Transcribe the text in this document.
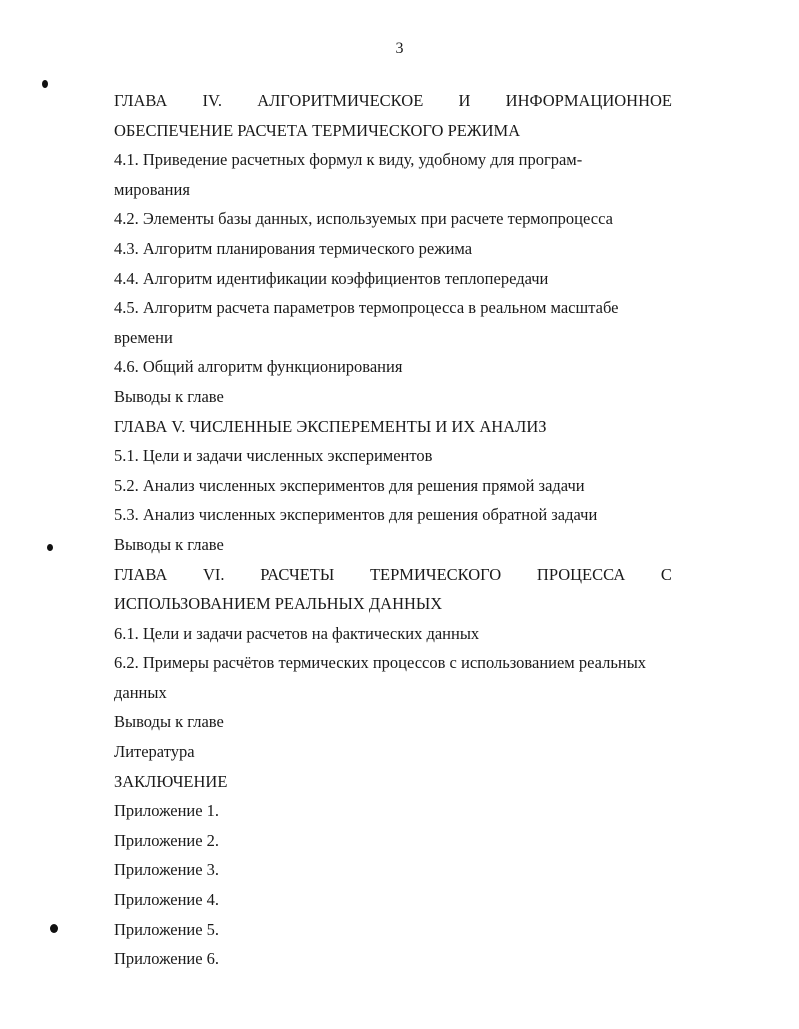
3
ГЛАВА IV. АЛГОРИТМИЧЕСКОЕ И ИНФОРМАЦИОННОЕ
ОБЕСПЕЧЕНИЕ РАСЧЕТА ТЕРМИЧЕСКОГО РЕЖИМА
4.1. Приведение расчетных формул к виду, удобному для програм-
мирования
4.2. Элементы базы данных, используемых при расчете термопроцесса
4.3. Алгоритм планирования термического режима
4.4. Алгоритм идентификации коэффициентов теплопередачи
4.5. Алгоритм расчета параметров термопроцесса в реальном масштабе
времени
4.6. Общий алгоритм функционирования
Выводы к главе
ГЛАВА V. ЧИСЛЕННЫЕ ЭКСПЕРЕМЕНТЫ И ИХ АНАЛИЗ
5.1. Цели и задачи численных экспериментов
5.2. Анализ численных экспериментов для решения прямой задачи
5.3. Анализ численных экспериментов для решения обратной задачи
Выводы к главе
ГЛАВА VI. РАСЧЕТЫ ТЕРМИЧЕСКОГО ПРОЦЕССА С
ИСПОЛЬЗОВАНИЕМ РЕАЛЬНЫХ ДАННЫХ
6.1. Цели и задачи расчетов на фактических данных
6.2. Примеры расчётов термических процессов с использованием реальных
данных
Выводы к главе
Литература
ЗАКЛЮЧЕНИЕ
Приложение 1.
Приложение 2.
Приложение 3.
Приложение 4.
Приложение 5.
Приложение 6.
